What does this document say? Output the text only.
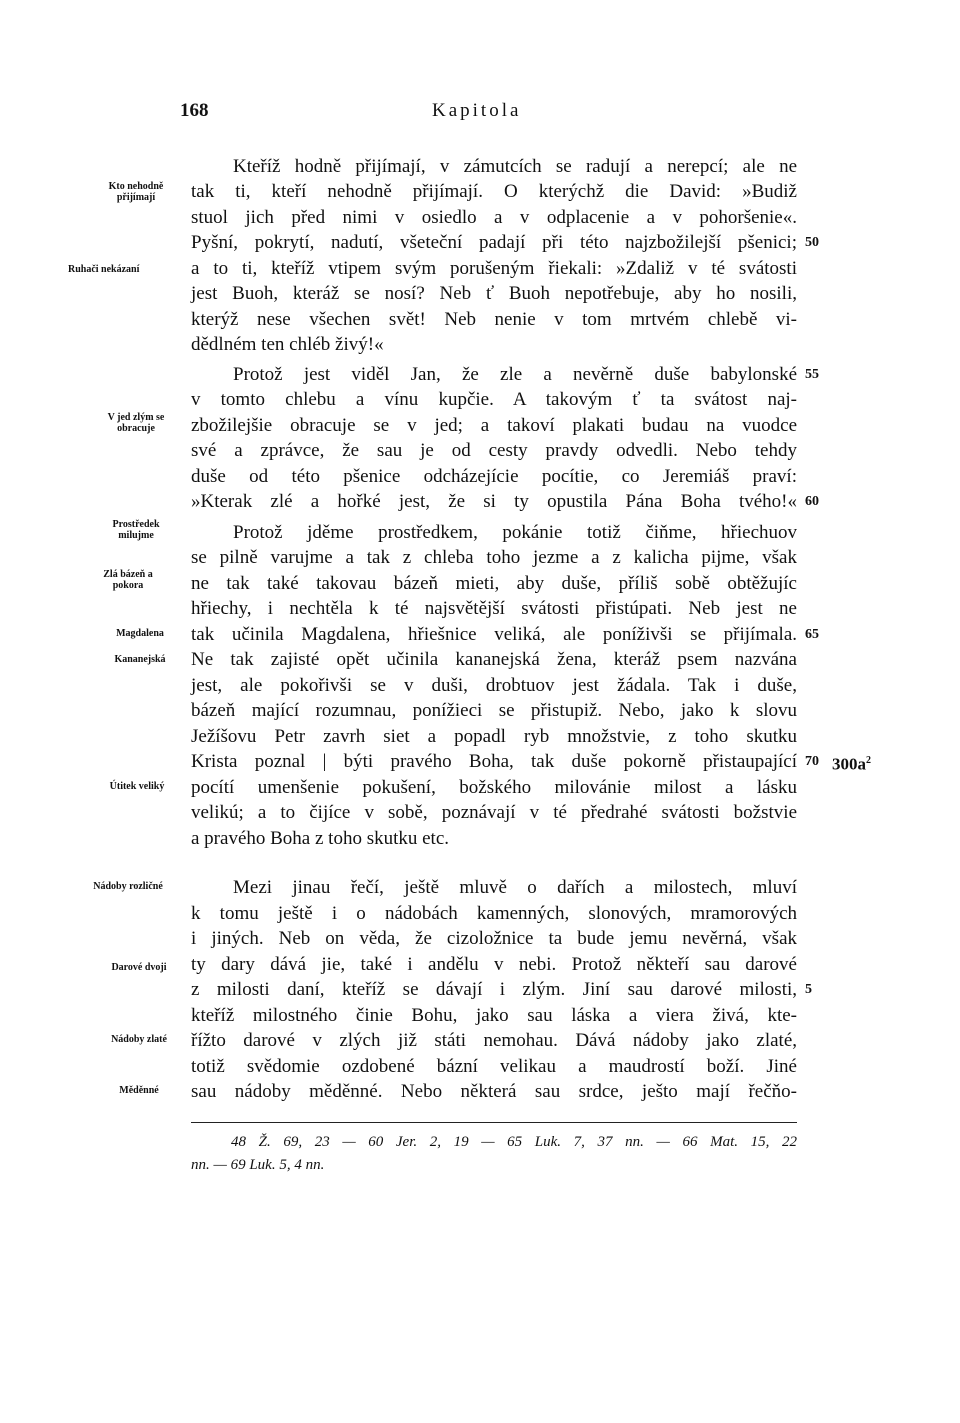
168	Kapitola
Kteříž hodně přijímají, v zámutcích se radují a nerepcí; ale ne
tak ti, kteří nehodně přijímají. O kterýchž die David: »Budiž
stuol jich před nimi v osiedlo a v odplacenie a v pohoršenie«.
Pyšní, pokrytí, nadutí, všeteční padají při této najzbožilejší pšenici;
a to ti, kteříž vtipem svým porušeným řiekali: »Zdaliž v té svátosti
jest Buoh, kteráž se nosí? Neb ť Buoh nepotřebuje, aby ho nosili,
kterýž nese všechen svět! Neb nenie v tom mrtvém chlebě vi-
dědlném ten chléb živý!«
Protož jest viděl Jan, že zle a nevěrně duše babylonské
v tomto chlebu a vínu kupčie. A takovým ť ta svátost naj-
zbožilejšie obracuje se v jed; a takoví plakati budau na vuodce
své a zprávce, že sau je od cesty pravdy odvedli. Nebo tehdy
duše od této pšenice odcházejície pocítie, co Jeremiáš praví:
»Kterak zlé a hořké jest, že si ty opustila Pána Boha tvého!«
Protož jděme prostředkem, pokánie totiž čiňme, hřiechuov
se pilně varujme a tak z chleba toho jezme a z kalicha pijme, však
ne tak také takovau bázeň mieti, aby duše, příliš sobě obtěžujíc
hřiechy, i nechtěla k té najsvětější svátosti přistúpati. Neb jest ne
tak učinila Magdalena, hřiešnice veliká, ale poníživši se přijímala.
Ne tak zajisté opět učinila kananejská žena, kteráž psem nazvána
jest, ale pokořivši se v duši, drobtuov jest žádala. Tak i duše,
bázeň mající rozumnau, ponížieci se přistupiž. Nebo, jako k slovu
Ježíšovu Petr zavrh siet a popadl ryb množstvie, z toho skutku
Krista poznal | býti pravého Boha, tak duše pokorně přistaupající
pocítí umenšenie pokušení, božského milovánie milost a lásku
velikú; a to čijíce v sobě, poznávají v té předrahé svátosti božstvie
a pravého Boha z toho skutku etc.
Mezi jinau řečí, ještě mluvě o dařích a milostech, mluví
k tomu ještě i o nádobách kamenných, slonových, mramorových
i jiných. Neb on věda, že cizoložnice ta bude jemu nevěrná, však
ty dary dává jie, také i andělu v nebi. Protož někteří sau darové
z milosti daní, kteříž se dávají i zlým. Jiní sau darové milosti,
kteříž milostného činie Bohu, jako sau láska a viera živá, kte-
řížto darové v zlých již státi nemohau. Dává nádoby jako zlaté,
totiž svědomie ozdobené bázní velikau a maudrostí boží. Jiné
sau nádoby měděnné. Nebo některá sau srdce, ješto mají řečňo-
Kto nehodně přijímají
Ruhači nekázaní
V jed zlým se obracuje
Prostředek milujme
Zlá bázeň a pokora
Magdalena
Kananejská
Útitek veliký
Nádoby rozličné
Darové dvoji
Nádoby zlaté
Měděnné
50
55
60
65
70
5
$300a^2$
48 Ž. 69, 23 — 60 Jer. 2, 19 — 65 Luk. 7, 37 nn. — 66 Mat. 15, 22
nn. — 69 Luk. 5, 4 nn.
